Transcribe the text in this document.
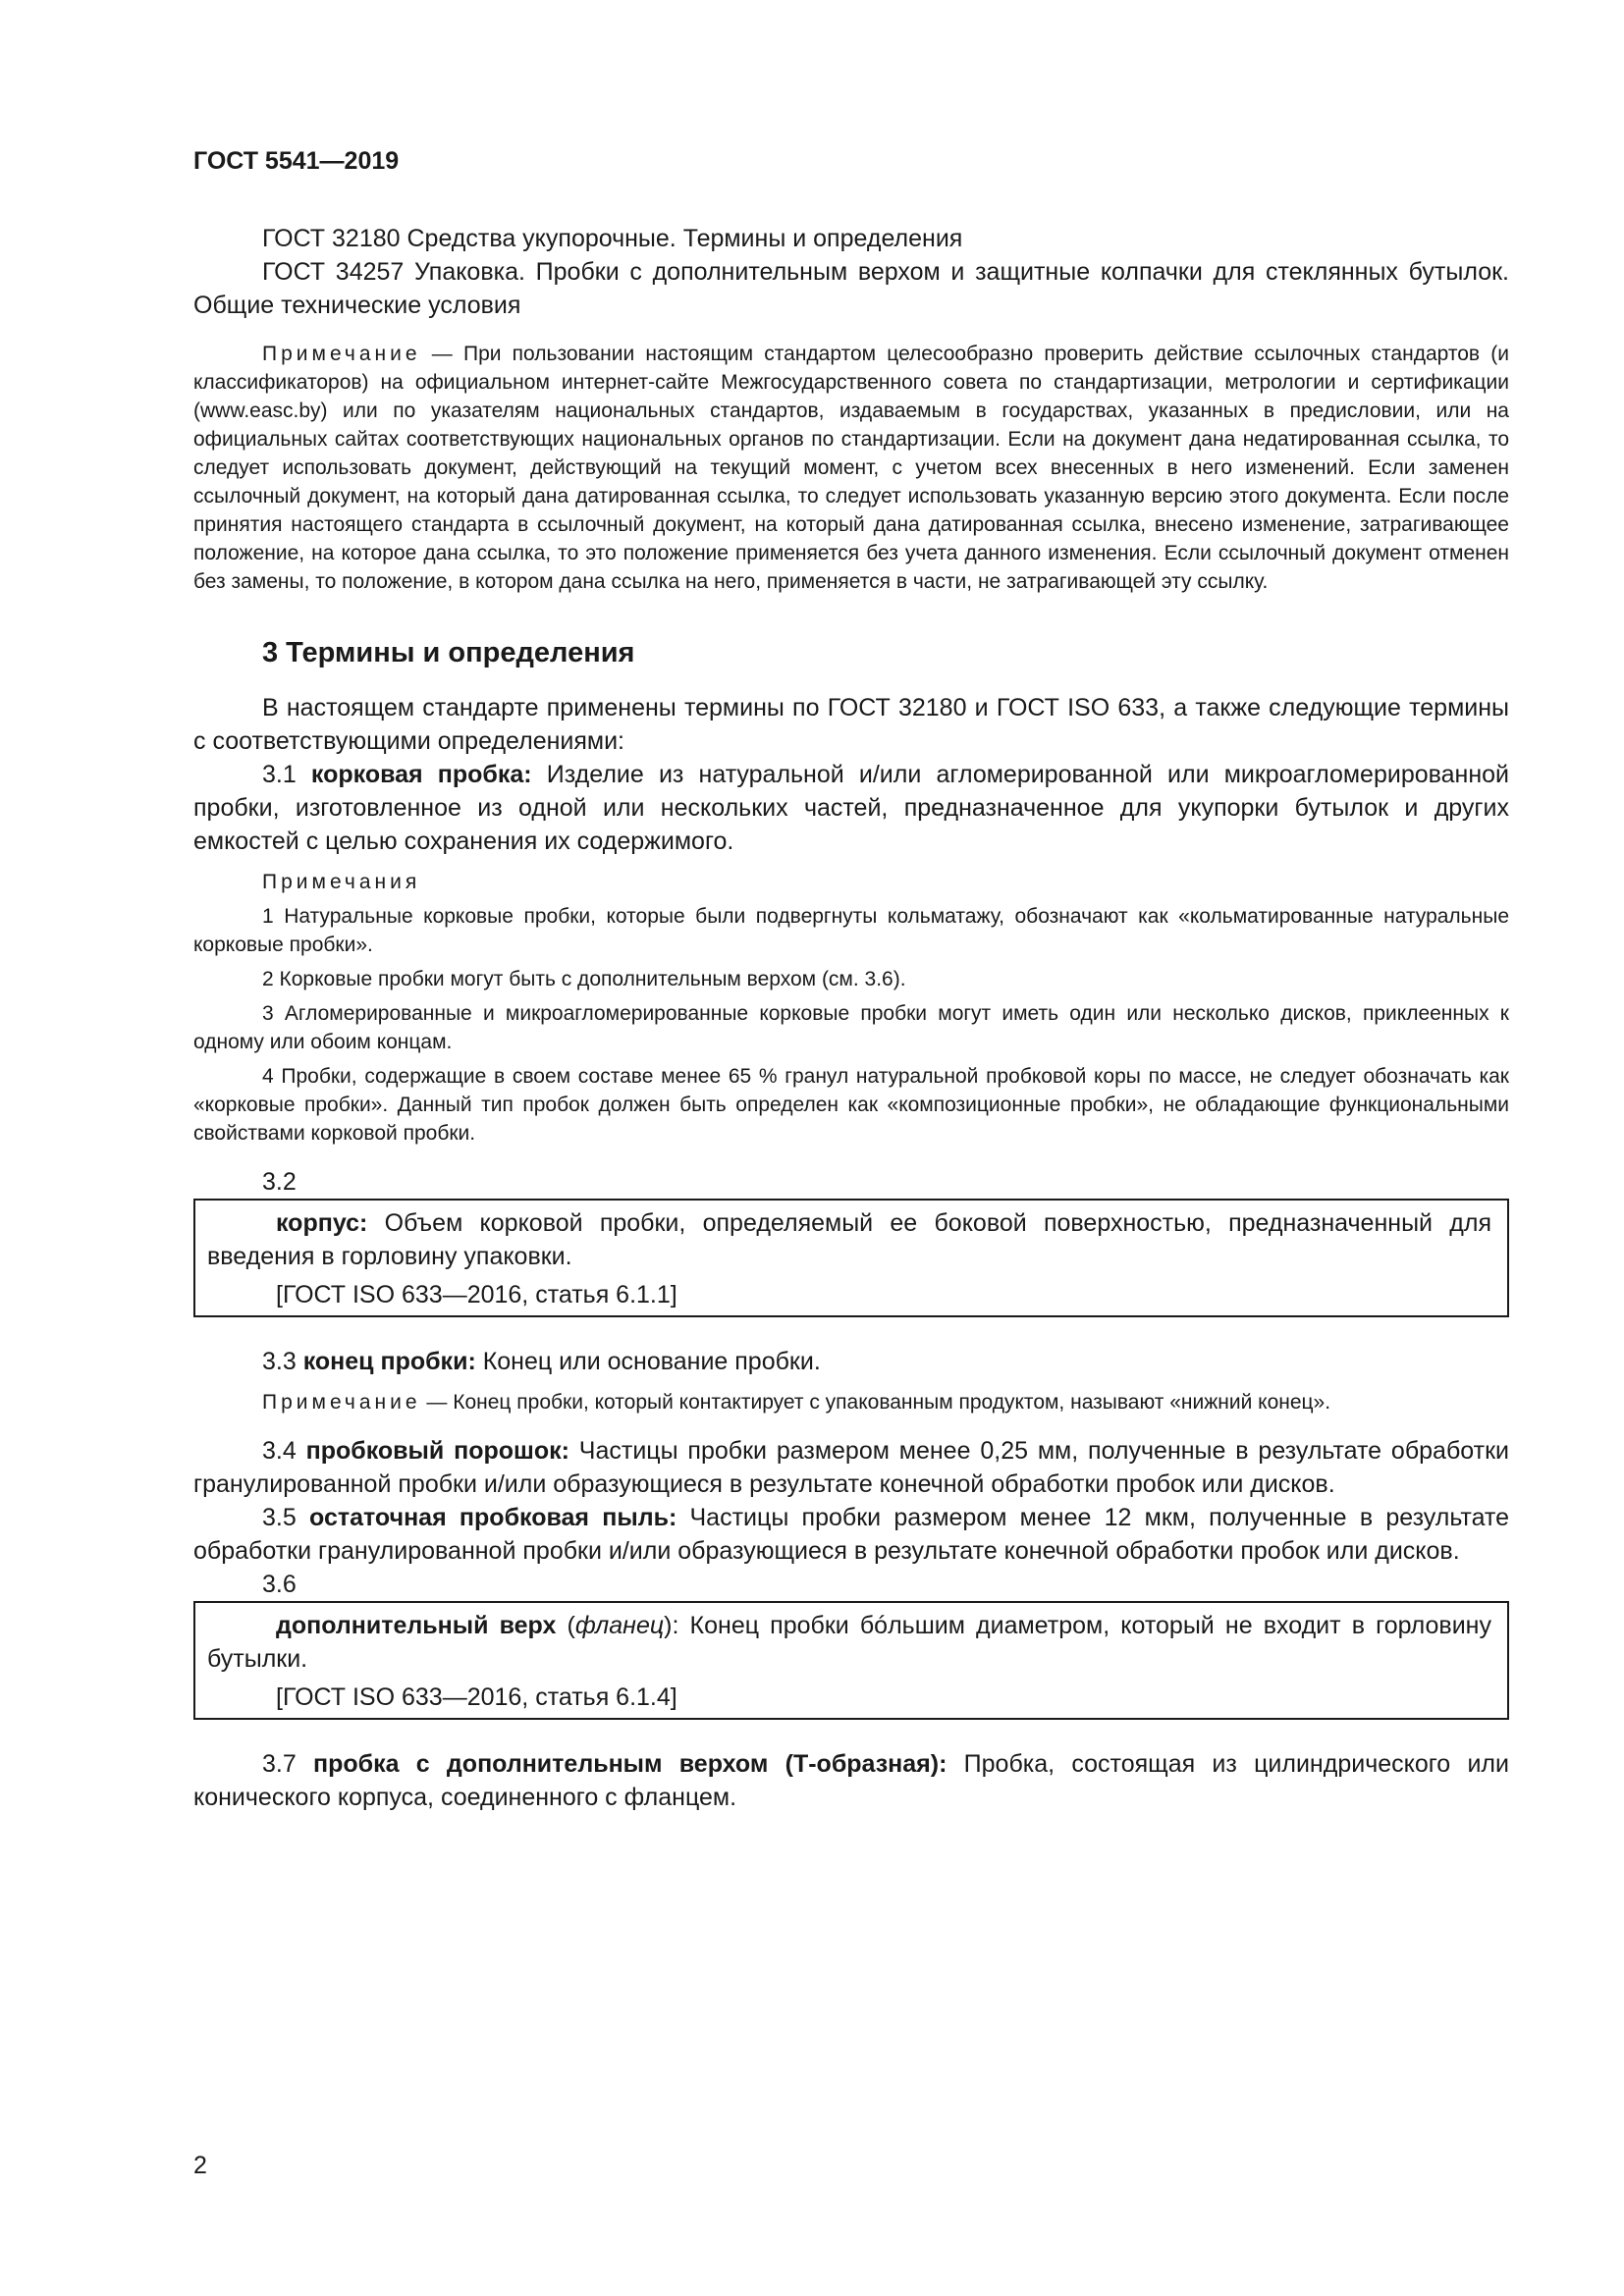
ГОСТ 5541—2019

ГОСТ 32180 Средства укупорочные. Термины и определения

ГОСТ 34257 Упаковка. Пробки с дополнительным верхом и защитные колпачки для стеклянных бутылок. Общие технические условия

Примечание — При пользовании настоящим стандартом целесообразно проверить действие ссылочных стандартов (и классификаторов) на официальном интернет-сайте Межгосударственного совета по стандартизации, метрологии и сертификации (www.easc.by) или по указателям национальных стандартов, издаваемым в государствах, указанных в предисловии, или на официальных сайтах соответствующих национальных органов по стандартизации. Если на документ дана недатированная ссылка, то следует использовать документ, действующий на текущий момент, с учетом всех внесенных в него изменений. Если заменен ссылочный документ, на который дана датированная ссылка, то следует использовать указанную версию этого документа. Если после принятия настоящего стандарта в ссылочный документ, на который дана датированная ссылка, внесено изменение, затрагивающее положение, на которое дана ссылка, то это положение применяется без учета данного изменения. Если ссылочный документ отменен без замены, то положение, в котором дана ссылка на него, применяется в части, не затрагивающей эту ссылку.

3 Термины и определения

В настоящем стандарте применены термины по ГОСТ 32180 и ГОСТ ISO 633, а также следующие термины с соответствующими определениями:

3.1 корковая пробка: Изделие из натуральной и/или агломерированной или микроагломерированной пробки, изготовленное из одной или нескольких частей, предназначенное для укупорки бутылок и других емкостей с целью сохранения их содержимого.

Примечания

1 Натуральные корковые пробки, которые были подвергнуты кольматажу, обозначают как «кольматированные натуральные корковые пробки».

2 Корковые пробки могут быть с дополнительным верхом (см. 3.6).

3 Агломерированные и микроагломерированные корковые пробки могут иметь один или несколько дисков, приклеенных к одному или обоим концам.

4 Пробки, содержащие в своем составе менее 65 % гранул натуральной пробковой коры по массе, не следует обозначать как «корковые пробки». Данный тип пробок должен быть определен как «композиционные пробки», не обладающие функциональными свойствами корковой пробки.

3.2

корпус: Объем корковой пробки, определяемый ее боковой поверхностью, предназначенный для введения в горловину упаковки.

[ГОСТ ISO 633—2016, статья 6.1.1]

3.3 конец пробки: Конец или основание пробки.

Примечание — Конец пробки, который контактирует с упакованным продуктом, называют «нижний конец».

3.4 пробковый порошок: Частицы пробки размером менее 0,25 мм, полученные в результате обработки гранулированной пробки и/или образующиеся в результате конечной обработки пробок или дисков.

3.5 остаточная пробковая пыль: Частицы пробки размером менее 12 мкм, полученные в результате обработки гранулированной пробки и/или образующиеся в результате конечной обработки пробок или дисков.

3.6

дополнительный верх (фланец): Конец пробки бóльшим диаметром, который не входит в горловину бутылки.

[ГОСТ ISO 633—2016, статья 6.1.4]

3.7 пробка с дополнительным верхом (Т-образная): Пробка, состоящая из цилиндрического или конического корпуса, соединенного с фланцем.

2
